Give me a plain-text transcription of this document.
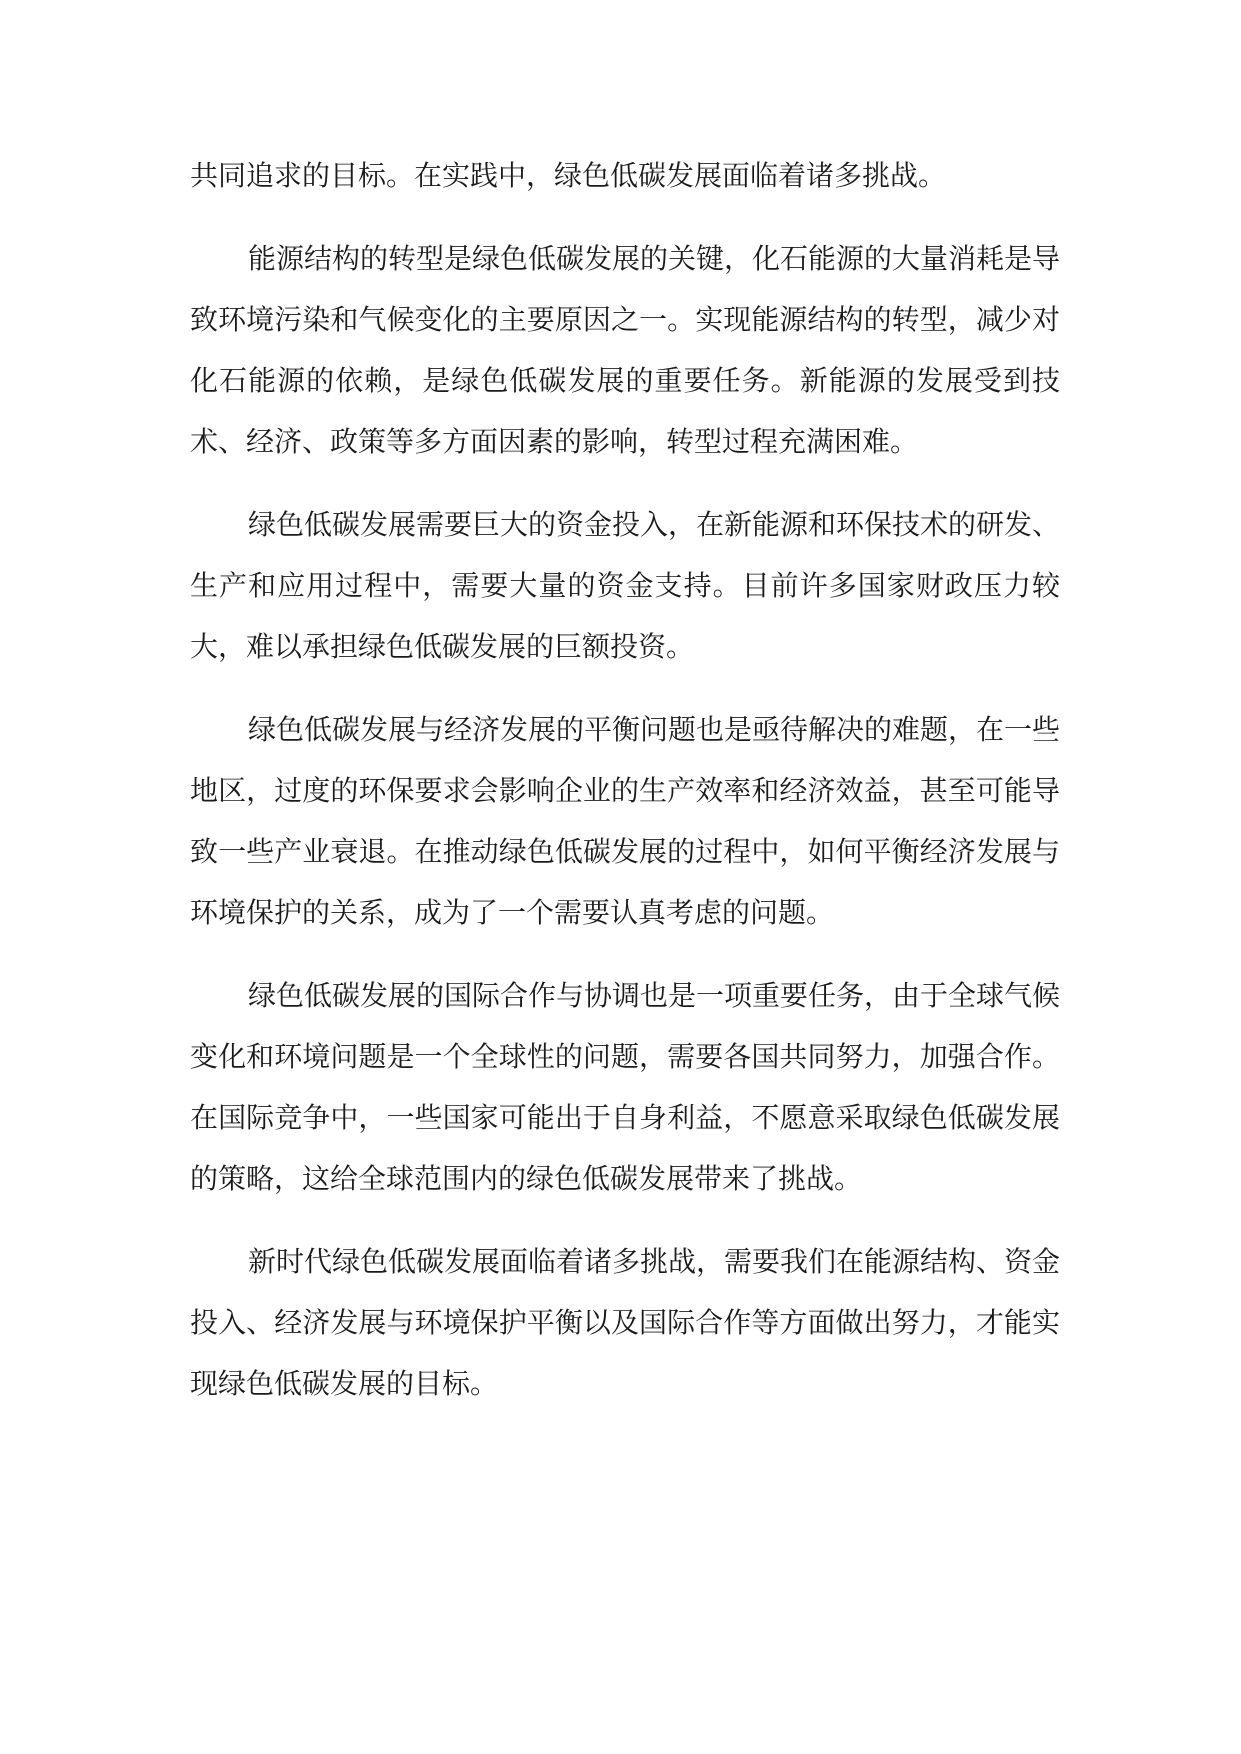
共同追求的目标。在实践中，绿色低碳发展面临着诸多挑战。

能源结构的转型是绿色低碳发展的关键，化石能源的大量消耗是导致环境污染和气候变化的主要原因之一。实现能源结构的转型，减少对化石能源的依赖，是绿色低碳发展的重要任务。新能源的发展受到技术、经济、政策等多方面因素的影响，转型过程充满困难。

绿色低碳发展需要巨大的资金投入，在新能源和环保技术的研发、生产和应用过程中，需要大量的资金支持。目前许多国家财政压力较大，难以承担绿色低碳发展的巨额投资。

绿色低碳发展与经济发展的平衡问题也是亟待解决的难题，在一些地区，过度的环保要求会影响企业的生产效率和经济效益，甚至可能导致一些产业衰退。在推动绿色低碳发展的过程中，如何平衡经济发展与环境保护的关系，成为了一个需要认真考虑的问题。

绿色低碳发展的国际合作与协调也是一项重要任务，由于全球气候变化和环境问题是一个全球性的问题，需要各国共同努力，加强合作。在国际竞争中，一些国家可能出于自身利益，不愿意采取绿色低碳发展的策略，这给全球范围内的绿色低碳发展带来了挑战。

新时代绿色低碳发展面临着诸多挑战，需要我们在能源结构、资金投入、经济发展与环境保护平衡以及国际合作等方面做出努力，才能实现绿色低碳发展的目标。
